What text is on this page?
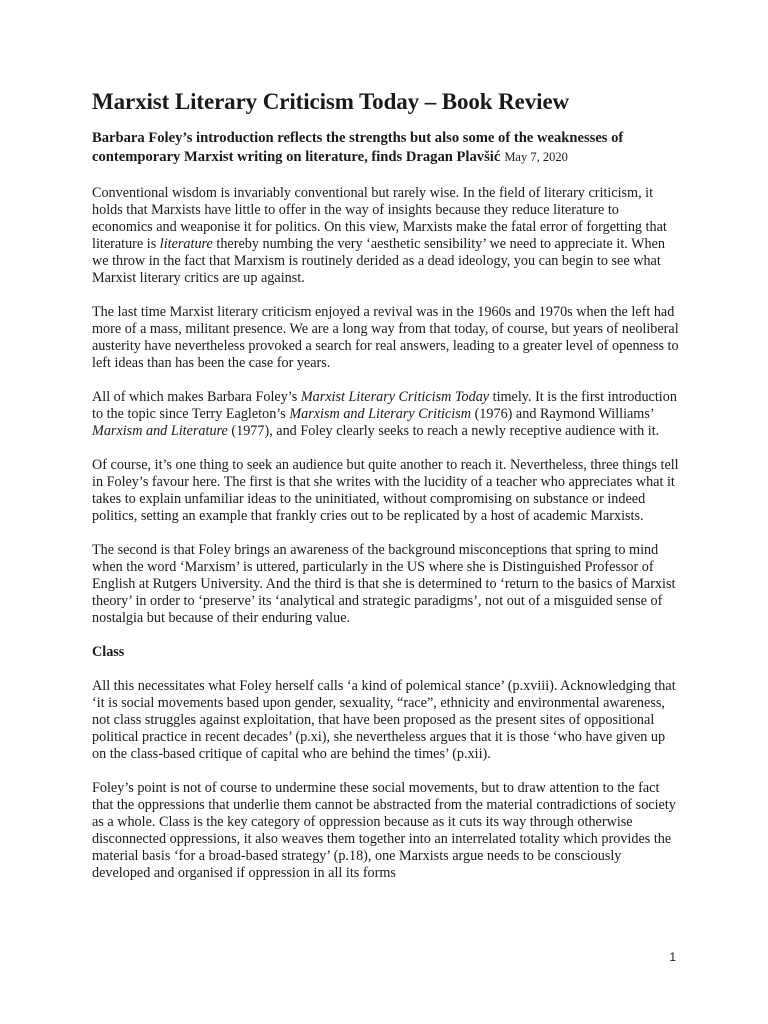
Marxist Literary Criticism Today – Book Review
Barbara Foley’s introduction reflects the strengths but also some of the weaknesses of contemporary Marxist writing on literature, finds Dragan Plavšić May 7, 2020

Conventional wisdom is invariably conventional but rarely wise. In the field of literary criticism, it holds that Marxists have little to offer in the way of insights because they reduce literature to economics and weaponise it for politics. On this view, Marxists make the fatal error of forgetting that literature is literature thereby numbing the very ‘aesthetic sensibility’ we need to appreciate it. When we throw in the fact that Marxism is routinely derided as a dead ideology, you can begin to see what Marxist literary critics are up against.

The last time Marxist literary criticism enjoyed a revival was in the 1960s and 1970s when the left had more of a mass, militant presence. We are a long way from that today, of course, but years of neoliberal austerity have nevertheless provoked a search for real answers, leading to a greater level of openness to left ideas than has been the case for years.

All of which makes Barbara Foley’s Marxist Literary Criticism Today timely. It is the first introduction to the topic since Terry Eagleton’s Marxism and Literary Criticism (1976) and Raymond Williams’ Marxism and Literature (1977), and Foley clearly seeks to reach a newly receptive audience with it.

Of course, it’s one thing to seek an audience but quite another to reach it. Nevertheless, three things tell in Foley’s favour here. The first is that she writes with the lucidity of a teacher who appreciates what it takes to explain unfamiliar ideas to the uninitiated, without compromising on substance or indeed politics, setting an example that frankly cries out to be replicated by a host of academic Marxists.

The second is that Foley brings an awareness of the background misconceptions that spring to mind when the word ‘Marxism’ is uttered, particularly in the US where she is Distinguished Professor of English at Rutgers University. And the third is that she is determined to ‘return to the basics of Marxist theory’ in order to ‘preserve’ its ‘analytical and strategic paradigms’, not out of a misguided sense of nostalgia but because of their enduring value.

Class

All this necessitates what Foley herself calls ‘a kind of polemical stance’ (p.xviii). Acknowledging that ‘it is social movements based upon gender, sexuality, “race”, ethnicity and environmental awareness, not class struggles against exploitation, that have been proposed as the present sites of oppositional political practice in recent decades’ (p.xi), she nevertheless argues that it is those ‘who have given up on the class-based critique of capital who are behind the times’ (p.xii).

Foley’s point is not of course to undermine these social movements, but to draw attention to the fact that the oppressions that underlie them cannot be abstracted from the material contradictions of society as a whole. Class is the key category of oppression because as it cuts its way through otherwise disconnected oppressions, it also weaves them together into an interrelated totality which provides the material basis ‘for a broad-based strategy’ (p.18), one Marxists argue needs to be consciously developed and organised if oppression in all its forms

1
